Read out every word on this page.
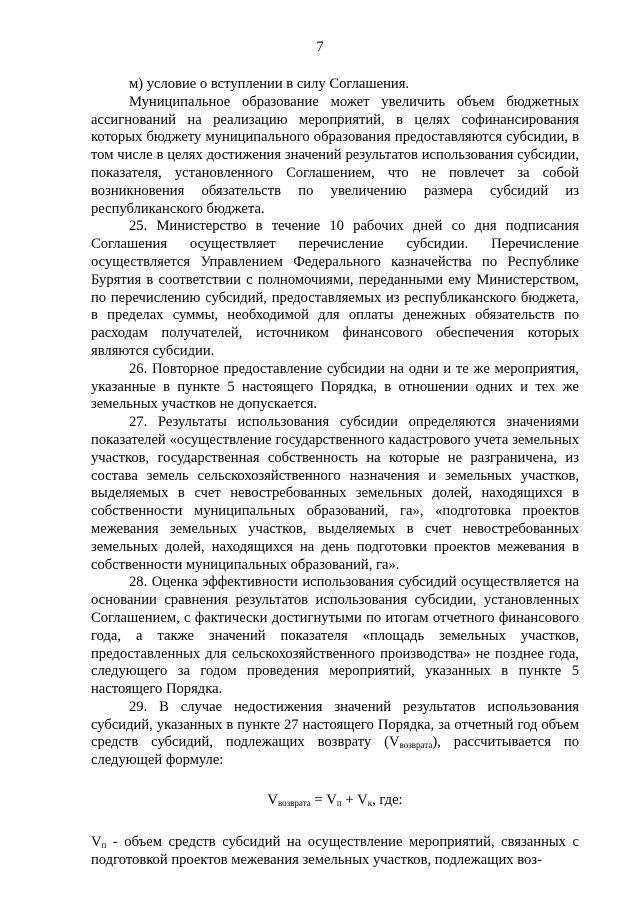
7

м) условие о вступлении в силу Соглашения.

Муниципальное образование может увеличить объем бюджетных ассигнований на реализацию мероприятий, в целях софинансирования которых бюджету муниципального образования предоставляются субсидии, в том числе в целях достижения значений результатов использования субсидии, показателя, установленного Соглашением, что не повлечет за собой возникновения обязательств по увеличению размера субсидий из республиканского бюджета.

25. Министерство в течение 10 рабочих дней со дня подписания Соглашения осуществляет перечисление субсидии. Перечисление осуществляется Управлением Федерального казначейства по Республике Бурятия в соответствии с полномочиями, переданными ему Министерством, по перечислению субсидий, предоставляемых из республиканского бюджета, в пределах суммы, необходимой для оплаты денежных обязательств по расходам получателей, источником финансового обеспечения которых являются субсидии.

26. Повторное предоставление субсидии на одни и те же мероприятия, указанные в пункте 5 настоящего Порядка, в отношении одних и тех же земельных участков не допускается.

27. Результаты использования субсидии определяются значениями показателей «осуществление государственного кадастрового учета земельных участков, государственная собственность на которые не разграничена, из состава земель сельскохозяйственного назначения и земельных участков, выделяемых в счет невостребованных земельных долей, находящихся в собственности муниципальных образований, га», «подготовка проектов межевания земельных участков, выделяемых в счет невостребованных земельных долей, находящихся на день подготовки проектов межевания в собственности муниципальных образований, га».

28. Оценка эффективности использования субсидий осуществляется на основании сравнения результатов использования субсидии, установленных Соглашением, с фактически достигнутыми по итогам отчетного финансового года, а также значений показателя «площадь земельных участков, предоставленных для сельскохозяйственного производства» не позднее года, следующего за годом проведения мероприятий, указанных в пункте 5 настоящего Порядка.

29. В случае недостижения значений результатов использования субсидий, указанных в пункте 27 настоящего Порядка, за отчетный год объем средств субсидий, подлежащих возврату $(V_{возврата})$, рассчитывается по следующей формуле:

$V_{возврата} = V_п + V_к$, где:

$V_п$ - объем средств субсидий на осуществление мероприятий, связанных с подготовкой проектов межевания земельных участков, подлежащих воз-
